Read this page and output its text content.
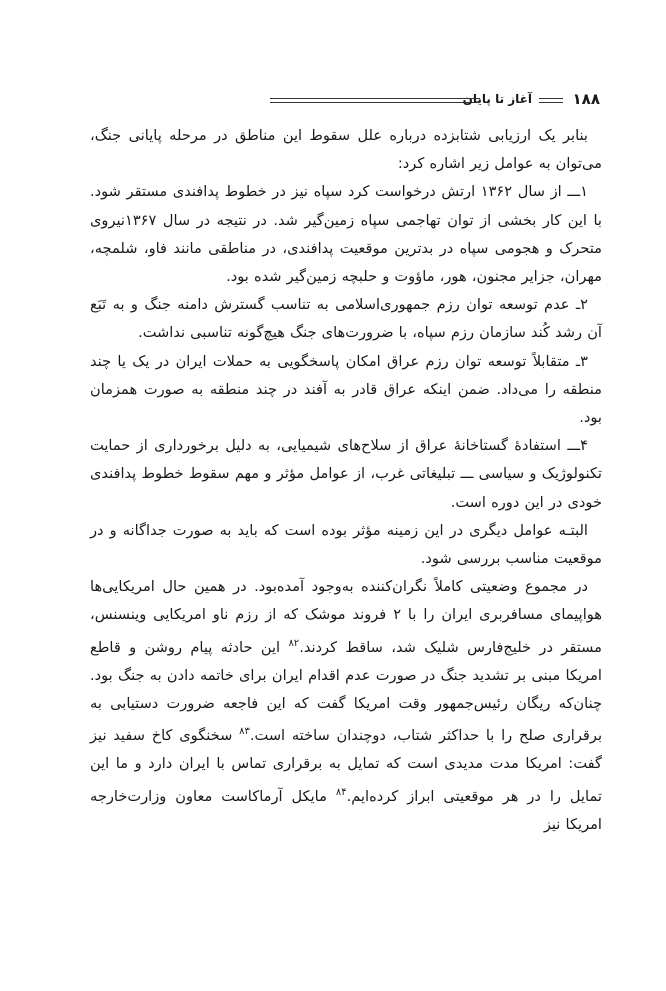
۱۸۸
آغاز تا پایان

بنابر یک ارزیابی شتابزده درباره علل سقوط این مناطق در مرحله پایانی جنگ، می‌توان به عوامل زیر اشاره کرد:

۱ـــ از سال ۱۳۶۲ ارتش درخواست کرد سپاه نیز در خطوط پدافندی مستقر شود. با این کار بخشی از توان تهاجمی سپاه زمین‌گیر شد. در نتیجه در سال ۱۳۶۷نیروی متحرک و هجومی سپاه در بدترین موقعیت پدافندی، در مناطقی مانند فاو، شلمچه، مهران، جزایر مجنون، هور، ماؤوت و حلبچه زمین‌گیر شده بود.

۲ـ عدم توسعه توان رزم جمهوری‌اسلامی به تناسب گسترش دامنه جنگ و به تَبَع آن رشد کُند سازمان رزم سپاه، با ضرورت‌های جنگ هیچ‌گونه تناسبی نداشت.

۳ـ متقابلاً توسعه توان رزم عراق امکان پاسخگویی به حملات ایران در یک یا چند منطقه را می‌داد. ضمن اینکه عراق قادر به آفند در چند منطقه به صورت همزمان بود.

۴ـــ استفادهٔ گستاخانهٔ عراق از سلاح‌های شیمیایی، به دلیل برخورداری از حمایت تکنولوژیک و سیاسی ـــ تبلیغاتی غرب، از عوامل مؤثر و مهم سقوط خطوط پدافندی خودی در این دوره است.

البتـه عوامل دیگری در این زمینه مؤثر بوده است که باید به صورت جداگانه و در موقعیت مناسب بررسی شود.

در مجموع وضعیتی کاملاً نگران‌کننده به‌وجود آمده‌بود. در همین حال امریکایی‌ها هواپیمای مسافربری ایران را با ۲ فروند موشک که از رزم ناو امریکایی وینسنس، مستقر در خلیج‌فارس شلیک شد، ساقط کردند.$^{۸۲}$ این حادثه پیام روشن و قاطع امریکا مبنی بر تشدید جنگ در صورت عدم اقدام ایران برای خاتمه دادن به جنگ بود. چنان‌که ریگان رئیس‌جمهور وقت امریکا گفت که این فاجعه ضرورت دستیابی به برقراری صلح را با حداکثر شتاب، دوچندان ساخته است.$^{۸۳}$ سخنگوی کاخ سفید نیز گفت: امریکا مدت مدیدی است که تمایل به برقراری تماس با ایران دارد و ما این تمایل را در هر موقعیتی ابراز کرده‌ایم.$^{۸۴}$ مایکل آرماکاست معاون وزارت‌خارجه امریکا نیز
